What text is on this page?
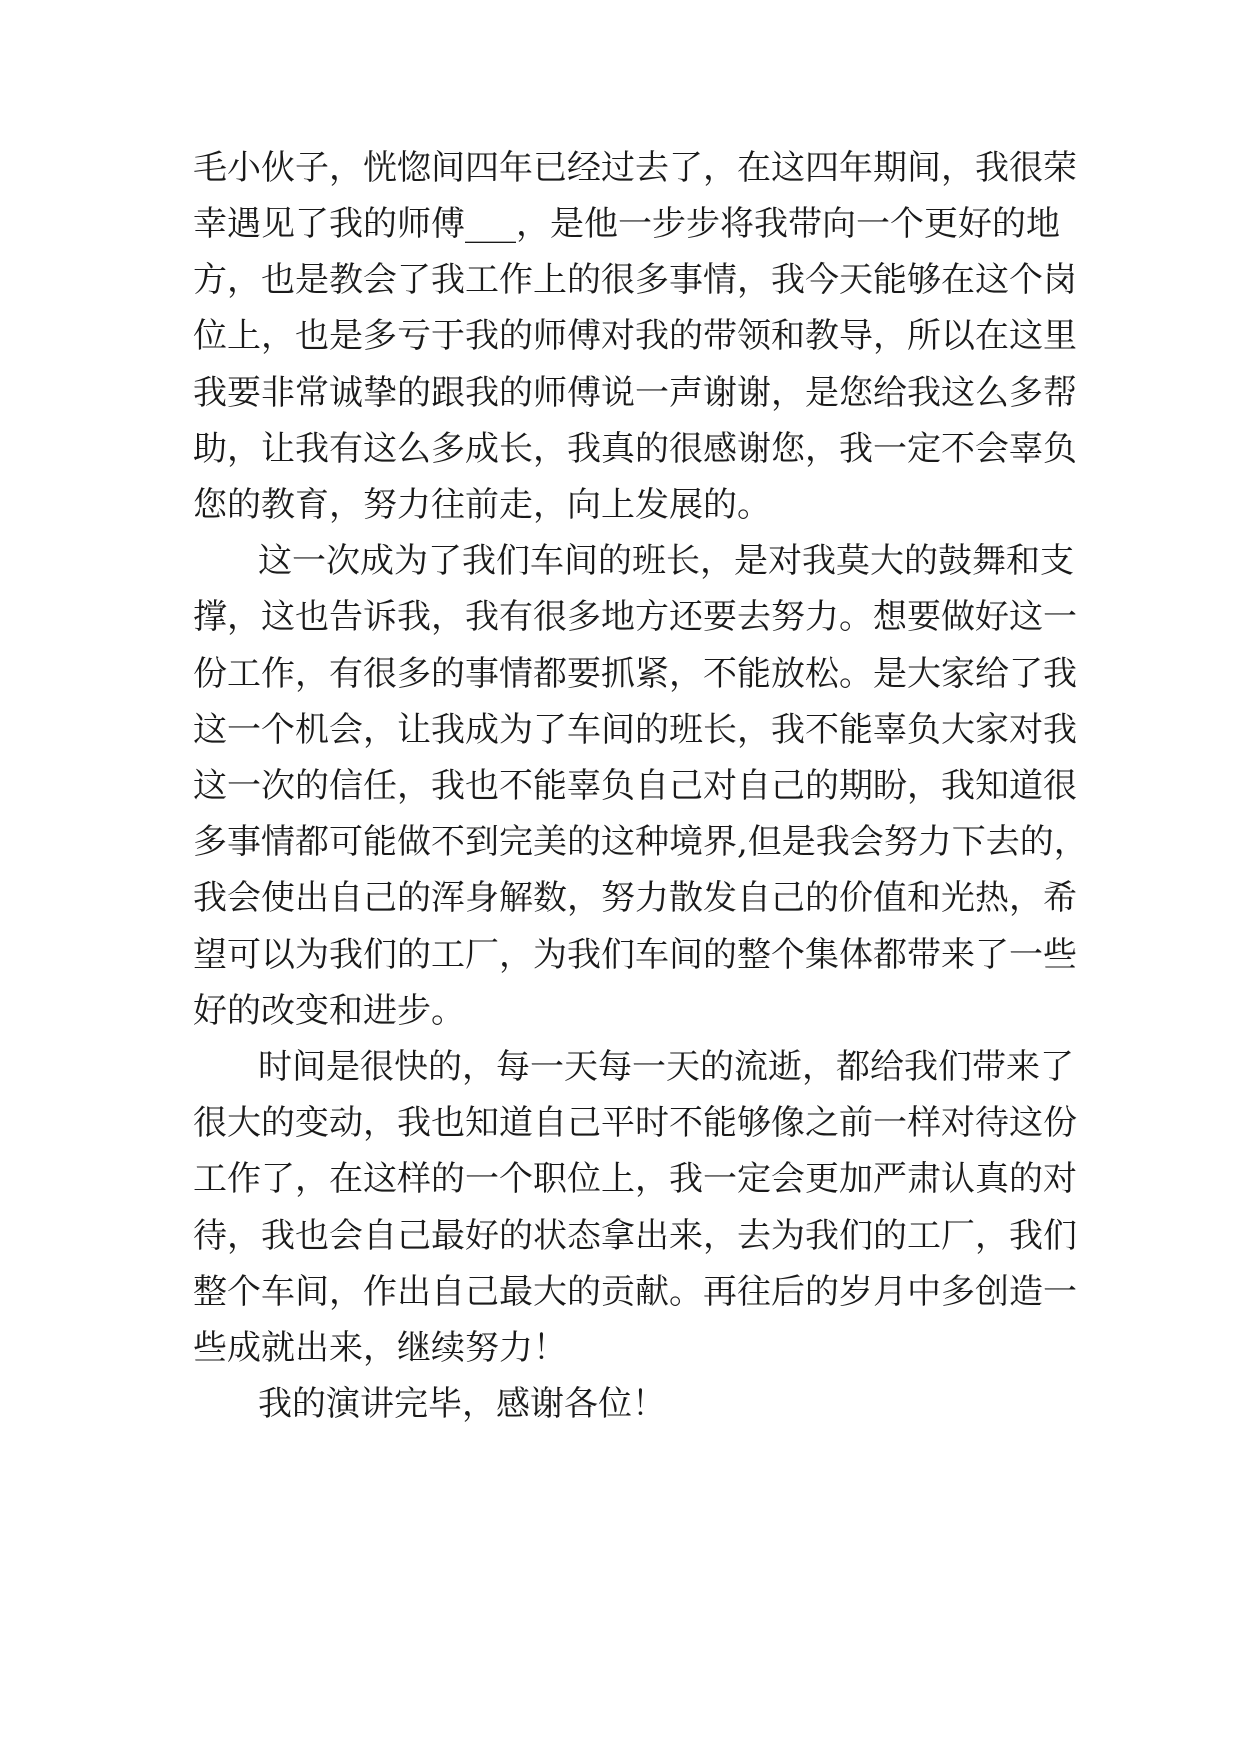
毛小伙子，恍惚间四年已经过去了，在这四年期间，我很荣
幸遇见了我的师傅___，是他一步步将我带向一个更好的地
方，也是教会了我工作上的很多事情，我今天能够在这个岗
位上，也是多亏于我的师傅对我的带领和教导，所以在这里
我要非常诚挚的跟我的师傅说一声谢谢，是您给我这么多帮
助，让我有这么多成长，我真的很感谢您，我一定不会辜负
您的教育，努力往前走，向上发展的。
这一次成为了我们车间的班长，是对我莫大的鼓舞和支
撑，这也告诉我，我有很多地方还要去努力。想要做好这一
份工作，有很多的事情都要抓紧，不能放松。是大家给了我
这一个机会，让我成为了车间的班长，我不能辜负大家对我
这一次的信任，我也不能辜负自己对自己的期盼，我知道很
多事情都可能做不到完美的这种境界,但是我会努力下去的，
我会使出自己的浑身解数，努力散发自己的价值和光热，希
望可以为我们的工厂，为我们车间的整个集体都带来了一些
好的改变和进步。
时间是很快的，每一天每一天的流逝，都给我们带来了
很大的变动，我也知道自己平时不能够像之前一样对待这份
工作了，在这样的一个职位上，我一定会更加严肃认真的对
待，我也会自己最好的状态拿出来，去为我们的工厂，我们
整个车间，作出自己最大的贡献。再往后的岁月中多创造一
些成就出来，继续努力！
我的演讲完毕，感谢各位！
